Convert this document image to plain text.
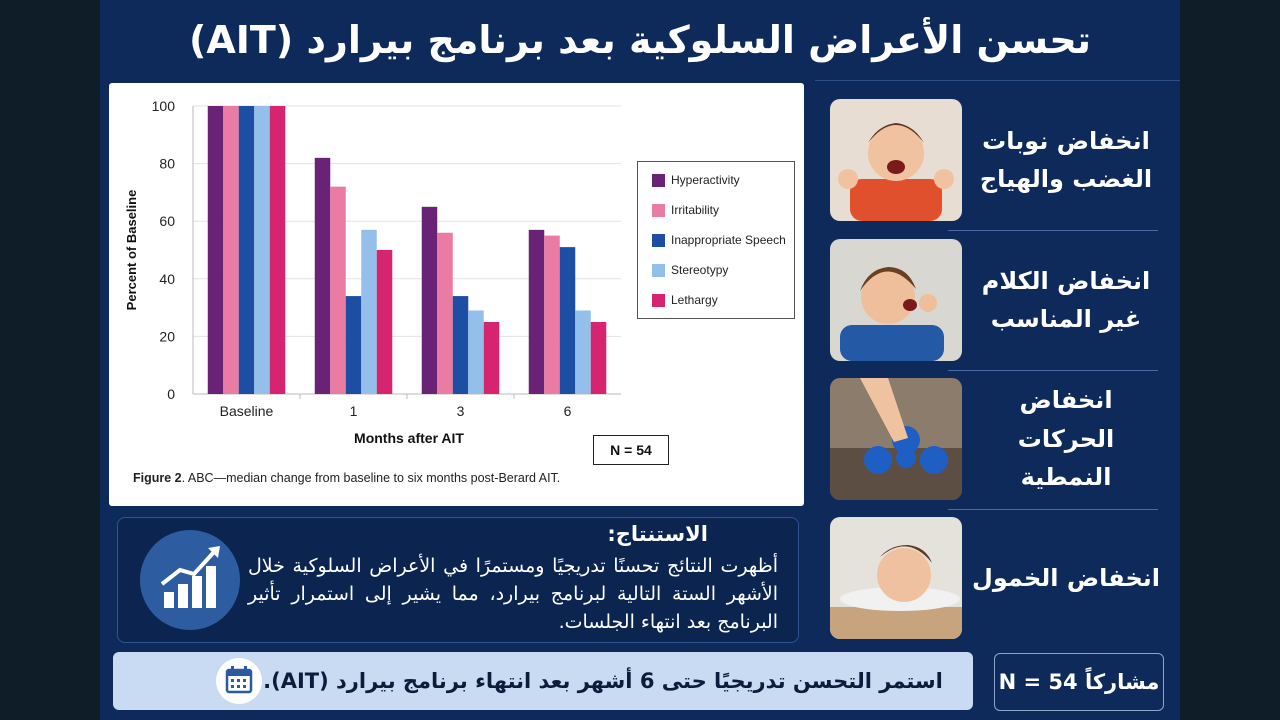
تحسن الأعراض السلوكية بعد برنامج بيرارد (AIT)
0
20
40
60
80
100
Baseline	1	3	6
Months after AIT
Percent of Baseline
Hyperactivity
Irritability
Inappropriate Speech
Stereotypy
Lethargy
N = 54
Figure 2. ABC—median change from baseline to six months post-Berard AIT.
انخفاض نوبات الغضب والهياج
انخفاض الكلام غير المناسب
انخفاض الحركات النمطية
انخفاض الخمول
الاستنتاج:
أظهرت النتائج تحسنًا تدريجيًا ومستمرًا في الأعراض السلوكية خلال الأشهر الستة التالية لبرنامج بيرارد، مما يشير إلى استمرار تأثير البرنامج بعد انتهاء الجلسات.
استمر التحسن تدريجيًا حتى 6 أشهر بعد انتهاء برنامج بيرارد (AIT).	N = 54 مشاركاً
